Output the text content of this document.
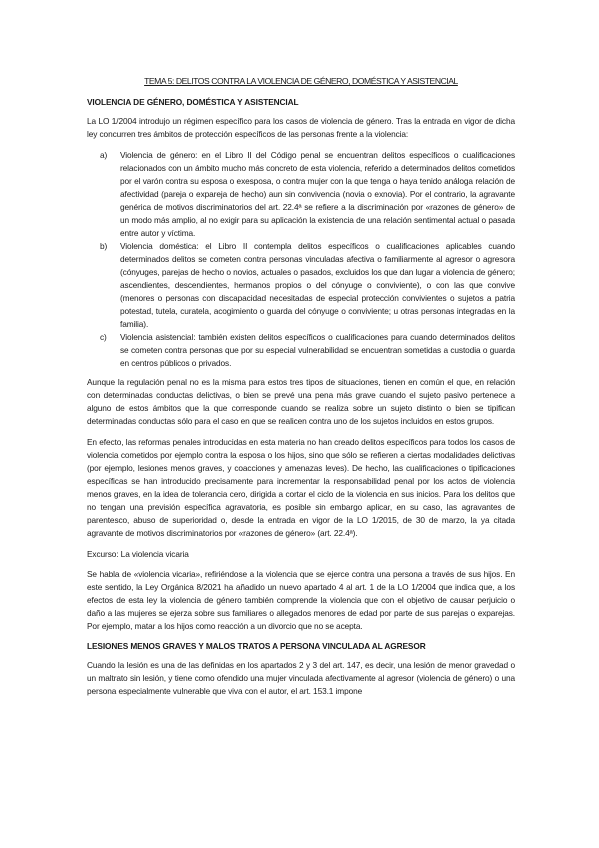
TEMA 5: DELITOS CONTRA LA VIOLENCIA DE GÉNERO, DOMÉSTICA Y ASISTENCIAL
VIOLENCIA DE GÉNERO, DOMÉSTICA Y ASISTENCIAL

La LO 1/2004 introdujo un régimen específico para los casos de violencia de género. Tras la entrada en vigor de dicha ley concurren tres ámbitos de protección específicos de las personas frente a la violencia:

a) Violencia de género: en el Libro II del Código penal se encuentran delitos específicos o cualificaciones relacionados con un ámbito mucho más concreto de esta violencia, referido a determinados delitos cometidos por el varón contra su esposa o exesposa, o contra mujer con la que tenga o haya tenido análoga relación de afectividad (pareja o expareja de hecho) aun sin convivencia (novia o exnovia). Por el contrario, la agravante genérica de motivos discriminatorios del art. 22.4ª se refiere a la discriminación por «razones de género» de un modo más amplio, al no exigir para su aplicación la existencia de una relación sentimental actual o pasada entre autor y víctima.
b) Violencia doméstica: el Libro II contempla delitos específicos o cualificaciones aplicables cuando determinados delitos se cometen contra personas vinculadas afectiva o familiarmente al agresor o agresora (cónyuges, parejas de hecho o novios, actuales o pasados, excluidos los que dan lugar a violencia de género; ascendientes, descendientes, hermanos propios o del cónyuge o conviviente), o con las que convive (menores o personas con discapacidad necesitadas de especial protección convivientes o sujetos a patria potestad, tutela, curatela, acogimiento o guarda del cónyuge o conviviente; u otras personas integradas en la familia).
c) Violencia asistencial: también existen delitos específicos o cualificaciones para cuando determinados delitos se cometen contra personas que por su especial vulnerabilidad se encuentran sometidas a custodia o guarda en centros públicos o privados.

Aunque la regulación penal no es la misma para estos tres tipos de situaciones, tienen en común el que, en relación con determinadas conductas delictivas, o bien se prevé una pena más grave cuando el sujeto pasivo pertenece a alguno de estos ámbitos que la que corresponde cuando se realiza sobre un sujeto distinto o bien se tipifican determinadas conductas sólo para el caso en que se realicen contra uno de los sujetos incluidos en estos grupos.

En efecto, las reformas penales introducidas en esta materia no han creado delitos específicos para todos los casos de violencia cometidos por ejemplo contra la esposa o los hijos, sino que sólo se refieren a ciertas modalidades delictivas (por ejemplo, lesiones menos graves, y coacciones y amenazas leves). De hecho, las cualificaciones o tipificaciones específicas se han introducido precisamente para incrementar la responsabilidad penal por los actos de violencia menos graves, en la idea de tolerancia cero, dirigida a cortar el ciclo de la violencia en sus inicios. Para los delitos que no tengan una previsión específica agravatoria, es posible sin embargo aplicar, en su caso, las agravantes de parentesco, abuso de superioridad o, desde la entrada en vigor de la LO 1/2015, de 30 de marzo, la ya citada agravante de motivos discriminatorios por «razones de género» (art. 22.4ª).

Excurso: La violencia vicaria

Se habla de «violencia vicaria», refiriéndose a la violencia que se ejerce contra una persona a través de sus hijos. En este sentido, la Ley Orgánica 8/2021 ha añadido un nuevo apartado 4 al art. 1 de la LO 1/2004 que indica que, a los efectos de esta ley la violencia de género también comprende la violencia que con el objetivo de causar perjuicio o daño a las mujeres se ejerza sobre sus familiares o allegados menores de edad por parte de sus parejas o exparejas. Por ejemplo, matar a los hijos como reacción a un divorcio que no se acepta.

LESIONES MENOS GRAVES Y MALOS TRATOS A PERSONA VINCULADA AL AGRESOR

Cuando la lesión es una de las definidas en los apartados 2 y 3 del art. 147, es decir, una lesión de menor gravedad o un maltrato sin lesión, y tiene como ofendido una mujer vinculada afectivamente al agresor (violencia de género) o una persona especialmente vulnerable que viva con el autor, el art. 153.1 impone
